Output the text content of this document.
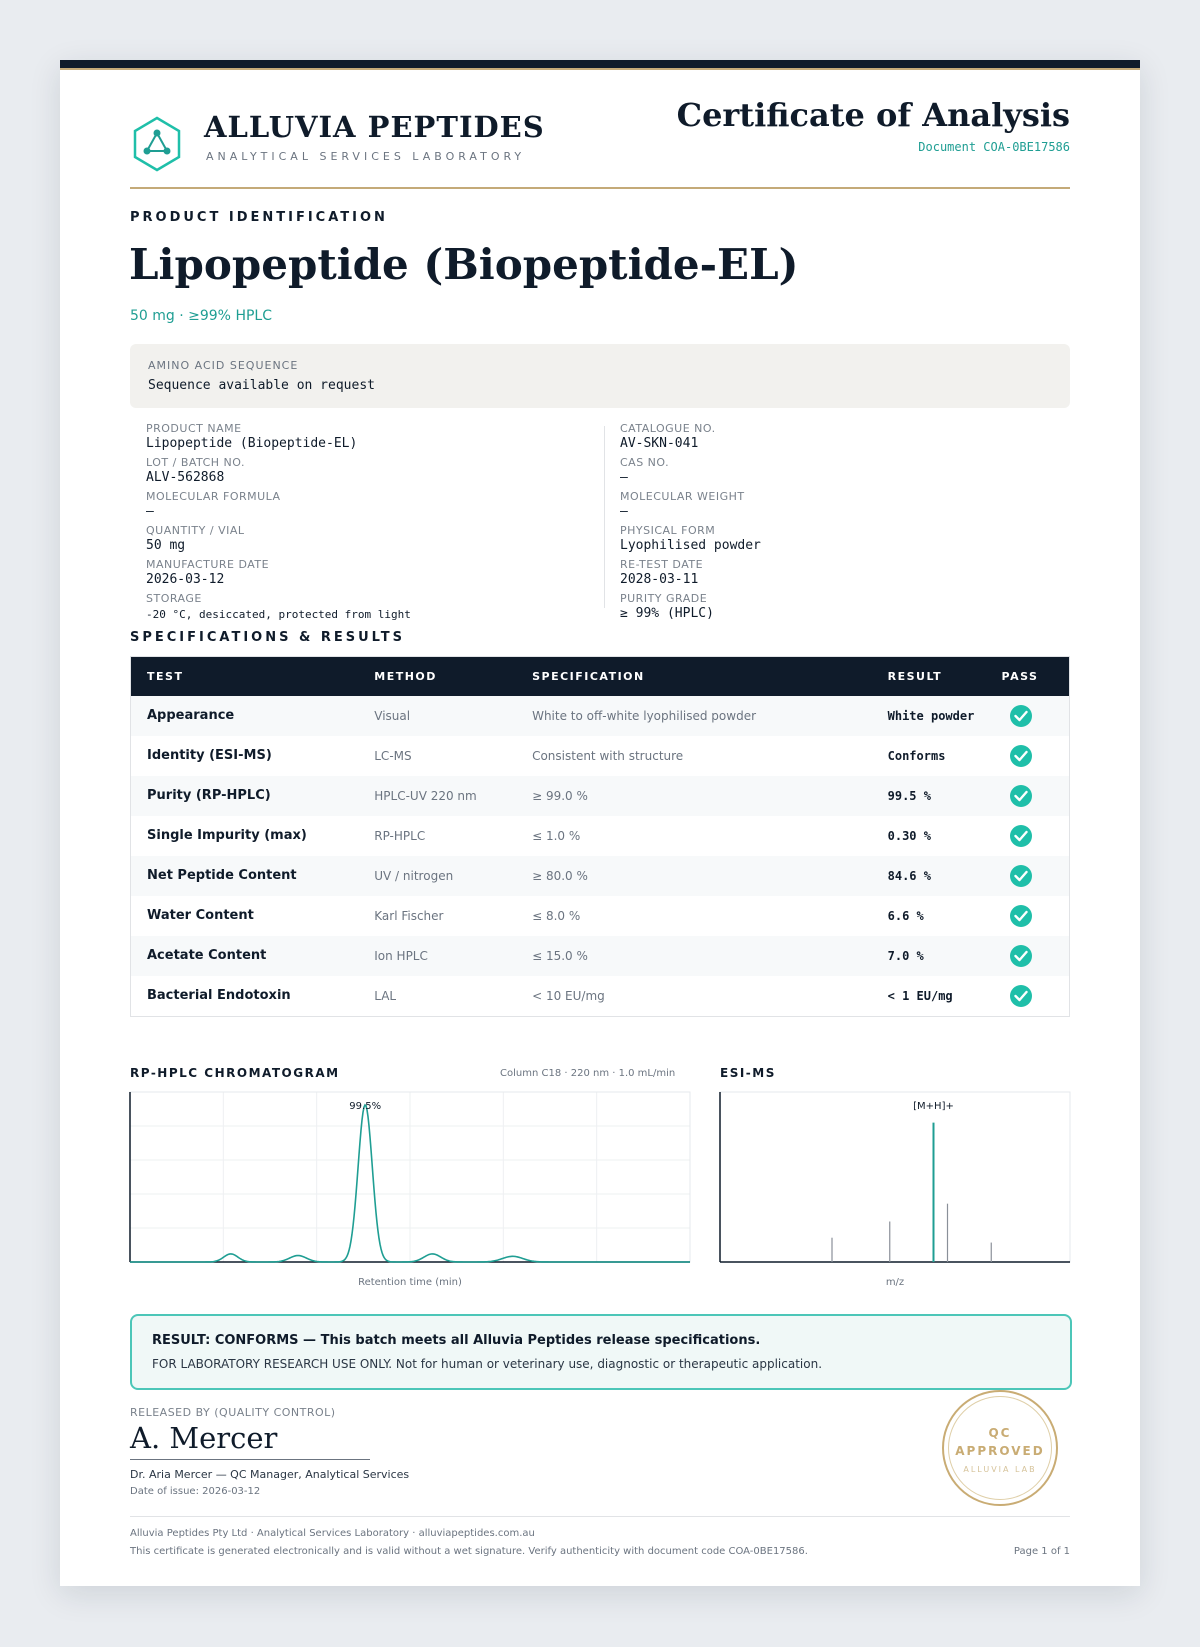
ALLUVIA PEPTIDES
ANALYTICAL SERVICES LABORATORY
Certificate of Analysis
Document COA-0BE17586
PRODUCT IDENTIFICATION
Lipopeptide (Biopeptide-EL)
50 mg · ≥99% HPLC
AMINO ACID SEQUENCE
Sequence available on request
PRODUCT NAME
Lipopeptide (Biopeptide-EL)
LOT / BATCH NO.
ALV-562868
MOLECULAR FORMULA
—
QUANTITY / VIAL
50 mg
MANUFACTURE DATE
2026-03-12
STORAGE
-20 °C, desiccated, protected from light
CATALOGUE NO.
AV-SKN-041
CAS NO.
—
MOLECULAR WEIGHT
—
PHYSICAL FORM
Lyophilised powder
RE-TEST DATE
2028-03-11
PURITY GRADE
≥ 99% (HPLC)
SPECIFICATIONS & RESULTS
TEST	METHOD	SPECIFICATION	RESULT	PASS
Appearance	Visual	White to off-white lyophilised powder	White powder	

Identity (ESI-MS)	LC-MS	Consistent with structure	Conforms	

Purity (RP-HPLC)	HPLC-UV 220 nm	≥ 99.0 %	99.5 %	

Single Impurity (max)	RP-HPLC	≤ 1.0 %	0.30 %	

Net Peptide Content	UV / nitrogen	≥ 80.0 %	84.6 %	

Water Content	Karl Fischer	≤ 8.0 %	6.6 %	

Acetate Content	Ion HPLC	≤ 15.0 %	7.0 %	

Bacterial Endotoxin	LAL	< 10 EU/mg	< 1 EU/mg	
RP-HPLC CHROMATOGRAM	Column C18 · 220 nm · 1.0 mL/min
99.5%
Retention time (min)
ESI-MS
[M+H]+
m/z
RESULT: CONFORMS — This batch meets all Alluvia Peptides release specifications.
FOR LABORATORY RESEARCH USE ONLY. Not for human or veterinary use, diagnostic or therapeutic application.
RELEASED BY (QUALITY CONTROL)
A. Mercer
Dr. Aria Mercer — QC Manager, Analytical Services
Date of issue: 2026-03-12
QC
APPROVED
ALLUVIA LAB
Alluvia Peptides Pty Ltd · Analytical Services Laboratory · alluviapeptides.com.au
This certificate is generated electronically and is valid without a wet signature. Verify authenticity with document code COA-0BE17586.	Page 1 of 1
